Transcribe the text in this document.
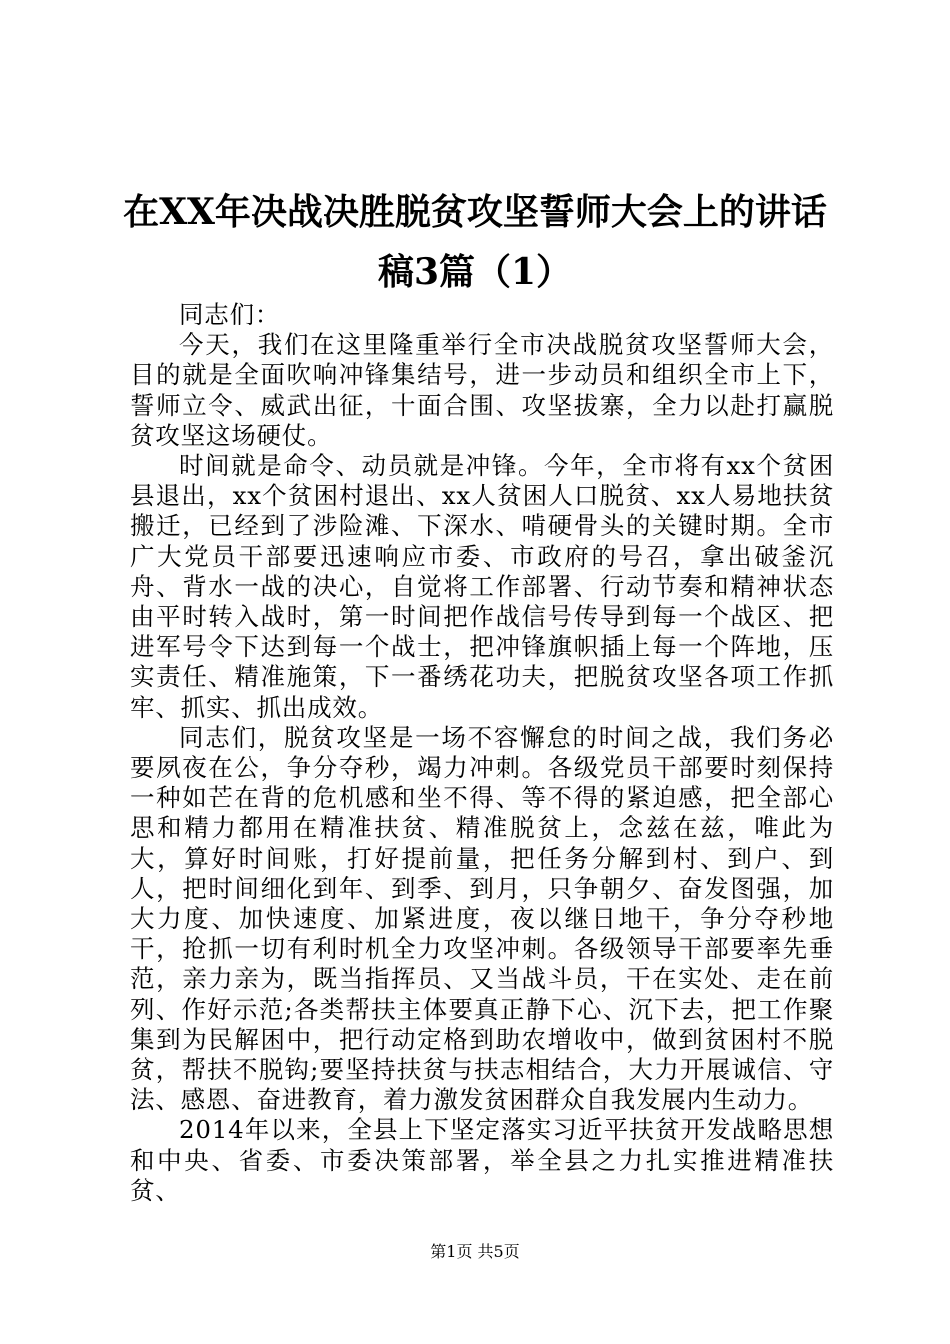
在XX年决战决胜脱贫攻坚誓师大会上的讲话稿3篇（1）

同志们：

今天，我们在这里隆重举行全市决战脱贫攻坚誓师大会，目的就是全面吹响冲锋集结号，进一步动员和组织全市上下，誓师立令、威武出征，十面合围、攻坚拔寨，全力以赴打赢脱贫攻坚这场硬仗。

时间就是命令、动员就是冲锋。今年，全市将有xx个贫困县退出，xx个贫困村退出、xx人贫困人口脱贫、xx人易地扶贫搬迁，已经到了涉险滩、下深水、啃硬骨头的关键时期。全市广大党员干部要迅速响应市委、市政府的号召，拿出破釜沉舟、背水一战的决心，自觉将工作部署、行动节奏和精神状态由平时转入战时，第一时间把作战信号传导到每一个战区、把进军号令下达到每一个战士，把冲锋旗帜插上每一个阵地，压实责任、精准施策，下一番绣花功夫，把脱贫攻坚各项工作抓牢、抓实、抓出成效。

同志们，脱贫攻坚是一场不容懈怠的时间之战，我们务必要夙夜在公，争分夺秒，竭力冲刺。各级党员干部要时刻保持一种如芒在背的危机感和坐不得、等不得的紧迫感，把全部心思和精力都用在精准扶贫、精准脱贫上，念兹在兹，唯此为大，算好时间账，打好提前量，把任务分解到村、到户、到人，把时间细化到年、到季、到月，只争朝夕、奋发图强，加大力度、加快速度、加紧进度，夜以继日地干，争分夺秒地干，抢抓一切有利时机全力攻坚冲刺。各级领导干部要率先垂范，亲力亲为，既当指挥员、又当战斗员，干在实处、走在前列、作好示范;各类帮扶主体要真正静下心、沉下去，把工作聚集到为民解困中，把行动定格到助农增收中，做到贫困村不脱贫，帮扶不脱钩;要坚持扶贫与扶志相结合，大力开展诚信、守法、感恩、奋进教育，着力激发贫困群众自我发展内生动力。

2014年以来，全县上下坚定落实习近平扶贫开发战略思想和中央、省委、市委决策部署，举全县之力扎实推进精准扶贫、

第1页 共5页
